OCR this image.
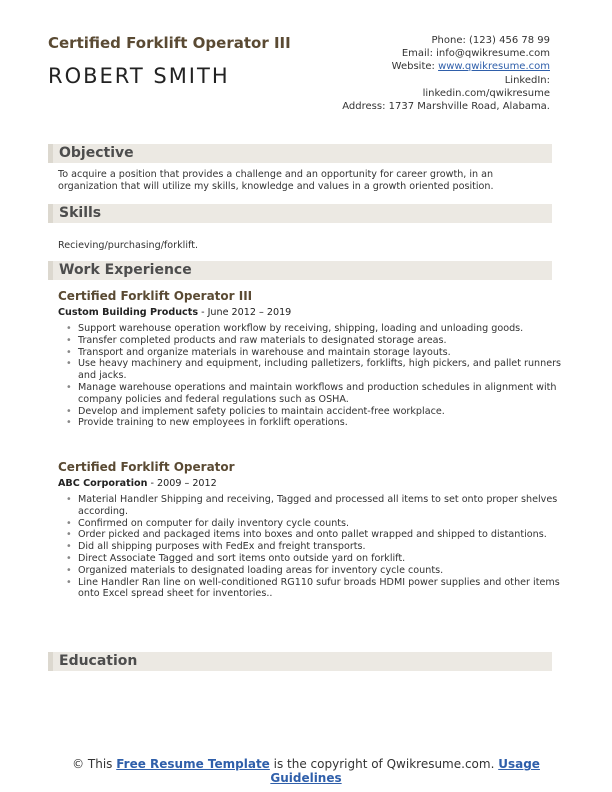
Certified Forklift Operator III
ROBERT SMITH
Phone: (123) 456 78 99
Email: info@qwikresume.com
Website: www.qwikresume.com
LinkedIn:
linkedin.com/qwikresume
Address: 1737 Marshville Road, Alabama.
Objective
To acquire a position that provides a challenge and an opportunity for career growth, in an organization that will utilize my skills, knowledge and values in a growth oriented position.
Skills
Recieving/purchasing/forklift.
Work Experience
Certified Forklift Operator III
Custom Building Products - June 2012 – 2019
• Support warehouse operation workflow by receiving, shipping, loading and unloading goods.
• Transfer completed products and raw materials to designated storage areas.
• Transport and organize materials in warehouse and maintain storage layouts.
• Use heavy machinery and equipment, including palletizers, forklifts, high pickers, and pallet runners and jacks.
• Manage warehouse operations and maintain workflows and production schedules in alignment with company policies and federal regulations such as OSHA.
• Develop and implement safety policies to maintain accident-free workplace.
• Provide training to new employees in forklift operations.
Certified Forklift Operator
ABC Corporation - 2009 – 2012
• Material Handler Shipping and receiving, Tagged and processed all items to set onto proper shelves according.
• Confirmed on computer for daily inventory cycle counts.
• Order picked and packaged items into boxes and onto pallet wrapped and shipped to distantions.
• Did all shipping purposes with FedEx and freight transports.
• Direct Associate Tagged and sort items onto outside yard on forklift.
• Organized materials to designated loading areas for inventory cycle counts.
• Line Handler Ran line on well-conditioned RG110 sufur broads HDMI power supplies and other items onto Excel spread sheet for inventories..
Education
© This Free Resume Template is the copyright of Qwikresume.com. Usage Guidelines
